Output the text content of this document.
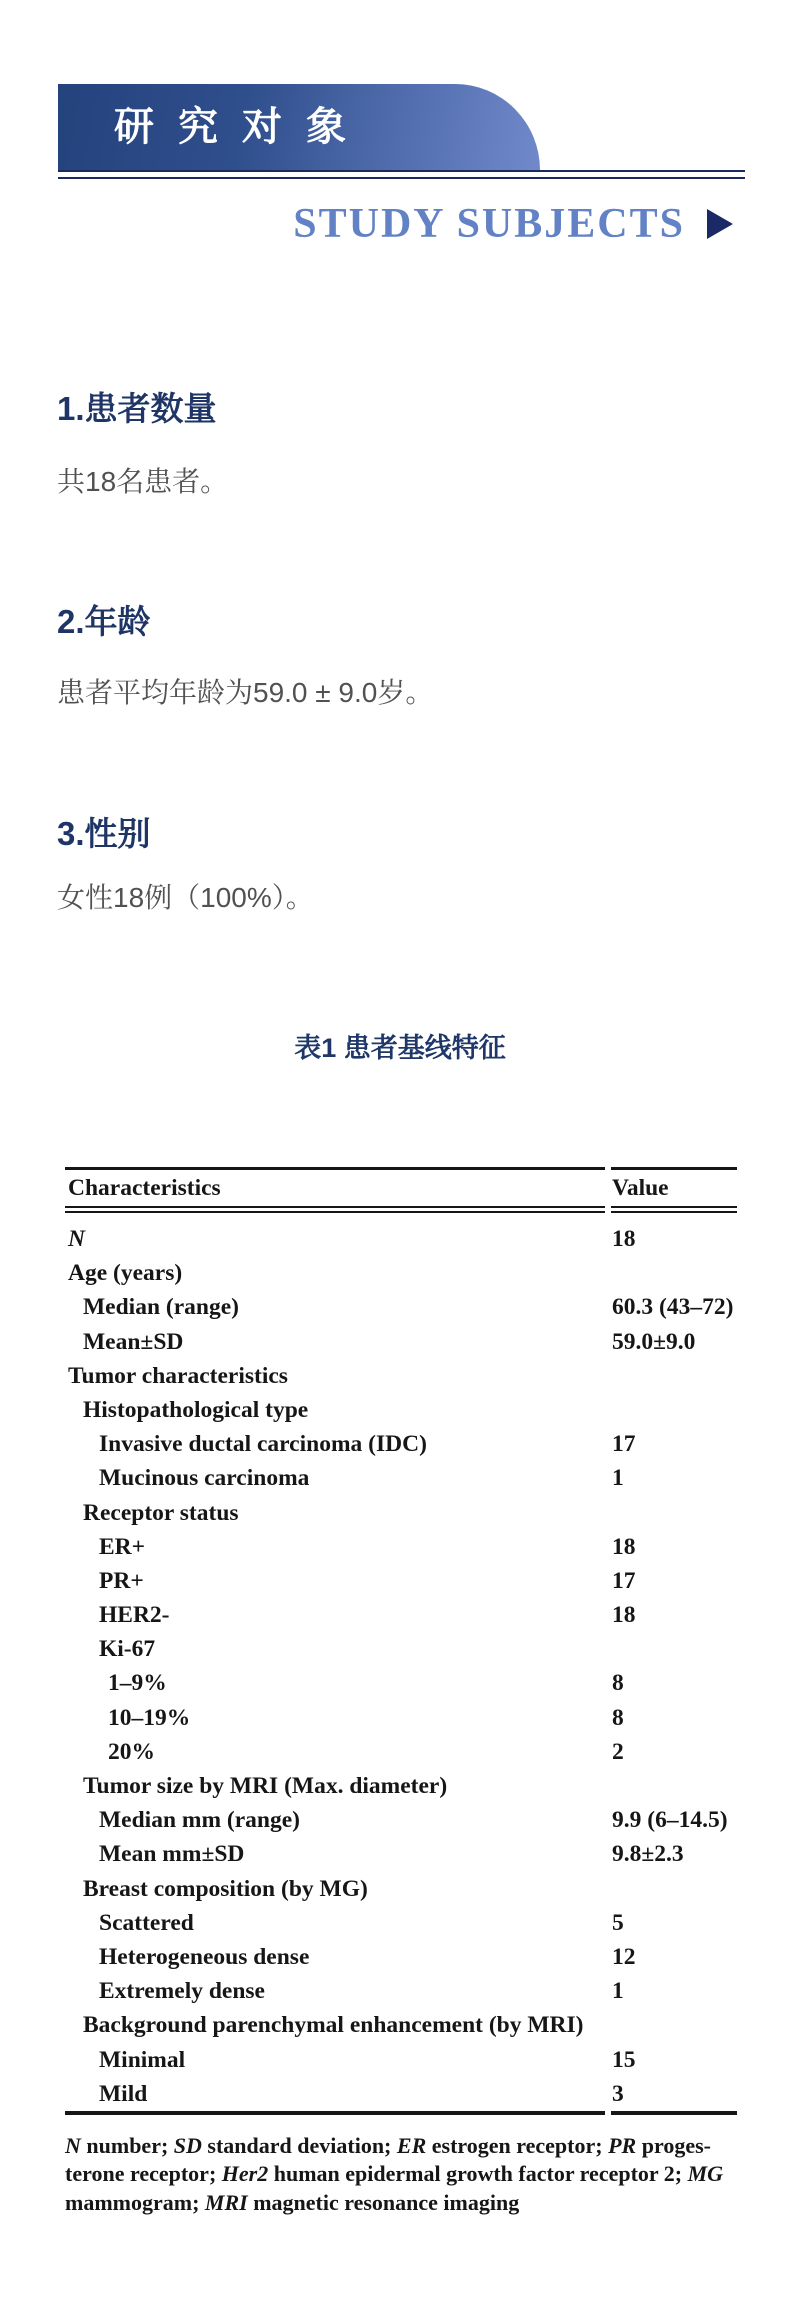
研究对象
STUDY SUBJECTS
1.患者数量
共18名患者。
2.年龄
患者平均年龄为59.0 ± 9.0岁。
3.性别
女性18例（100%）。
表1 患者基线特征
Characteristics	Value
N	18
Age (years)
Median (range)	60.3 (43–72)
Mean±SD	59.0±9.0
Tumor characteristics
Histopathological type
Invasive ductal carcinoma (IDC)	17
Mucinous carcinoma	1
Receptor status
ER+	18
PR+	17
HER2-	18
Ki-67
1–9%	8
10–19%	8
20%	2
Tumor size by MRI (Max. diameter)
Median mm (range)	9.9 (6–14.5)
Mean mm±SD	9.8±2.3
Breast composition (by MG)
Scattered	5
Heterogeneous dense	12
Extremely dense	1
Background parenchymal enhancement (by MRI)
Minimal	15
Mild	3
N number; SD standard deviation; ER estrogen receptor; PR proges-
terone receptor; Her2 human epidermal growth factor receptor 2; MG
mammogram; MRI magnetic resonance imaging
